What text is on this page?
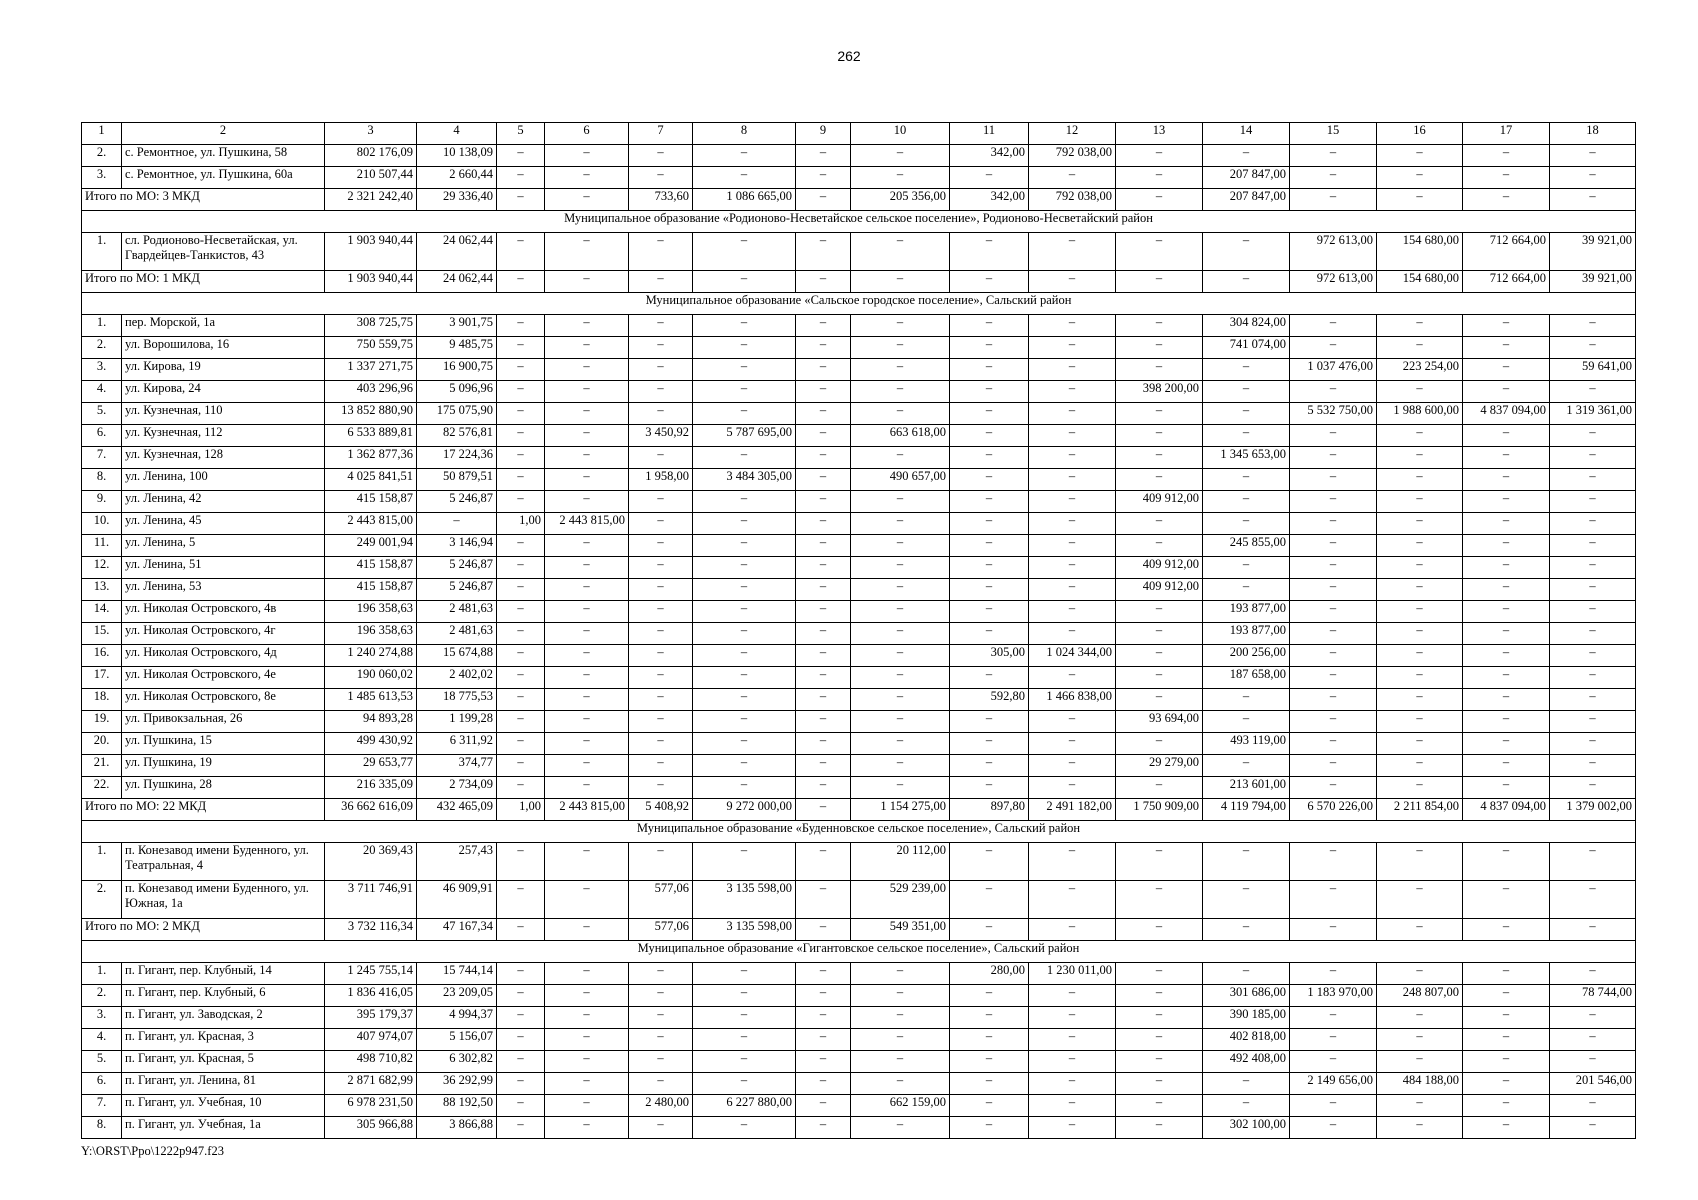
262
1	2	3	4	5	6	7	8	9	10	11	12	13	14	15	16	17	18
2.	с. Ремонтное, ул. Пушкина, 58	802 176,09	10 138,09	–	–	–	–	–	–	342,00	792 038,00	–	–	–	–	–	–
3.	с. Ремонтное, ул. Пушкина, 60а	210 507,44	2 660,44	–	–	–	–	–	–	–	–	–	207 847,00	–	–	–	–
Итого по МО: 3 МКД		2 321 242,40	29 336,40	–	–	733,60	1 086 665,00	–	205 356,00	342,00	792 038,00	–	207 847,00	–	–	–	–
Муниципальное образование «Родионово-Несветайское сельское поселение», Родионово-Несветайский район																	
1.	сл. Родионово-Несветайская, ул. Гвардейцев-Танкистов, 43	1 903 940,44	24 062,44	–	–	–	–	–	–	–	–	–	–	972 613,00	154 680,00	712 664,00	39 921,00
Итого по МО: 1 МКД		1 903 940,44	24 062,44	–	–	–	–	–	–	–	–	–	–	972 613,00	154 680,00	712 664,00	39 921,00
Муниципальное образование «Сальское городское поселение», Сальский район																	
1.	пер. Морской, 1а	308 725,75	3 901,75	–	–	–	–	–	–	–	–	–	304 824,00	–	–	–	–
2.	ул. Ворошилова, 16	750 559,75	9 485,75	–	–	–	–	–	–	–	–	–	741 074,00	–	–	–	–
3.	ул. Кирова, 19	1 337 271,75	16 900,75	–	–	–	–	–	–	–	–	–	–	1 037 476,00	223 254,00	–	59 641,00
4.	ул. Кирова, 24	403 296,96	5 096,96	–	–	–	–	–	–	–	–	398 200,00	–	–	–	–	–
5.	ул. Кузнечная, 110	13 852 880,90	175 075,90	–	–	–	–	–	–	–	–	–	–	5 532 750,00	1 988 600,00	4 837 094,00	1 319 361,00
6.	ул. Кузнечная, 112	6 533 889,81	82 576,81	–	–	3 450,92	5 787 695,00	–	663 618,00	–	–	–	–	–	–	–	–
7.	ул. Кузнечная, 128	1 362 877,36	17 224,36	–	–	–	–	–	–	–	–	–	1 345 653,00	–	–	–	–
8.	ул. Ленина, 100	4 025 841,51	50 879,51	–	–	1 958,00	3 484 305,00	–	490 657,00	–	–	–	–	–	–	–	–
9.	ул. Ленина, 42	415 158,87	5 246,87	–	–	–	–	–	–	–	–	409 912,00	–	–	–	–	–
10.	ул. Ленина, 45	2 443 815,00	–	1,00	2 443 815,00	–	–	–	–	–	–	–	–	–	–	–	–
11.	ул. Ленина, 5	249 001,94	3 146,94	–	–	–	–	–	–	–	–	–	245 855,00	–	–	–	–
12.	ул. Ленина, 51	415 158,87	5 246,87	–	–	–	–	–	–	–	–	409 912,00	–	–	–	–	–
13.	ул. Ленина, 53	415 158,87	5 246,87	–	–	–	–	–	–	–	–	409 912,00	–	–	–	–	–
14.	ул. Николая Островского, 4в	196 358,63	2 481,63	–	–	–	–	–	–	–	–	–	193 877,00	–	–	–	–
15.	ул. Николая Островского, 4г	196 358,63	2 481,63	–	–	–	–	–	–	–	–	–	193 877,00	–	–	–	–
16.	ул. Николая Островского, 4д	1 240 274,88	15 674,88	–	–	–	–	–	–	305,00	1 024 344,00	–	200 256,00	–	–	–	–
17.	ул. Николая Островского, 4е	190 060,02	2 402,02	–	–	–	–	–	–	–	–	–	187 658,00	–	–	–	–
18.	ул. Николая Островского, 8е	1 485 613,53	18 775,53	–	–	–	–	–	–	592,80	1 466 838,00	–	–	–	–	–	–
19.	ул. Привокзальная, 26	94 893,28	1 199,28	–	–	–	–	–	–	–	–	93 694,00	–	–	–	–	–
20.	ул. Пушкина, 15	499 430,92	6 311,92	–	–	–	–	–	–	–	–	–	493 119,00	–	–	–	–
21.	ул. Пушкина, 19	29 653,77	374,77	–	–	–	–	–	–	–	–	29 279,00	–	–	–	–	–
22.	ул. Пушкина, 28	216 335,09	2 734,09	–	–	–	–	–	–	–	–	–	213 601,00	–	–	–	–
Итого по МО: 22 МКД		36 662 616,09	432 465,09	1,00	2 443 815,00	5 408,92	9 272 000,00	–	1 154 275,00	897,80	2 491 182,00	1 750 909,00	4 119 794,00	6 570 226,00	2 211 854,00	4 837 094,00	1 379 002,00
Муниципальное образование «Буденновское сельское поселение», Сальский район																	
1.	п. Конезавод имени Буденного, ул. Театральная, 4	20 369,43	257,43	–	–	–	–	–	20 112,00	–	–	–	–	–	–	–	–
2.	п. Конезавод имени Буденного, ул. Южная, 1а	3 711 746,91	46 909,91	–	–	577,06	3 135 598,00	–	529 239,00	–	–	–	–	–	–	–	–
Итого по МО: 2 МКД		3 732 116,34	47 167,34	–	–	577,06	3 135 598,00	–	549 351,00	–	–	–	–	–	–	–	–
Муниципальное образование «Гигантовское сельское поселение», Сальский район																	
1.	п. Гигант, пер. Клубный, 14	1 245 755,14	15 744,14	–	–	–	–	–	–	280,00	1 230 011,00	–	–	–	–	–	–
2.	п. Гигант, пер. Клубный, 6	1 836 416,05	23 209,05	–	–	–	–	–	–	–	–	–	301 686,00	1 183 970,00	248 807,00	–	78 744,00
3.	п. Гигант, ул. Заводская, 2	395 179,37	4 994,37	–	–	–	–	–	–	–	–	–	390 185,00	–	–	–	–
4.	п. Гигант, ул. Красная, 3	407 974,07	5 156,07	–	–	–	–	–	–	–	–	–	402 818,00	–	–	–	–
5.	п. Гигант, ул. Красная, 5	498 710,82	6 302,82	–	–	–	–	–	–	–	–	–	492 408,00	–	–	–	–
6.	п. Гигант, ул. Ленина, 81	2 871 682,99	36 292,99	–	–	–	–	–	–	–	–	–	–	2 149 656,00	484 188,00	–	201 546,00
7.	п. Гигант, ул. Учебная, 10	6 978 231,50	88 192,50	–	–	2 480,00	6 227 880,00	–	662 159,00	–	–	–	–	–	–	–	–
8.	п. Гигант, ул. Учебная, 1а	305 966,88	3 866,88	–	–	–	–	–	–	–	–	–	302 100,00	–	–	–	–
Y:\ORST\Ppo\1222p947.f23
